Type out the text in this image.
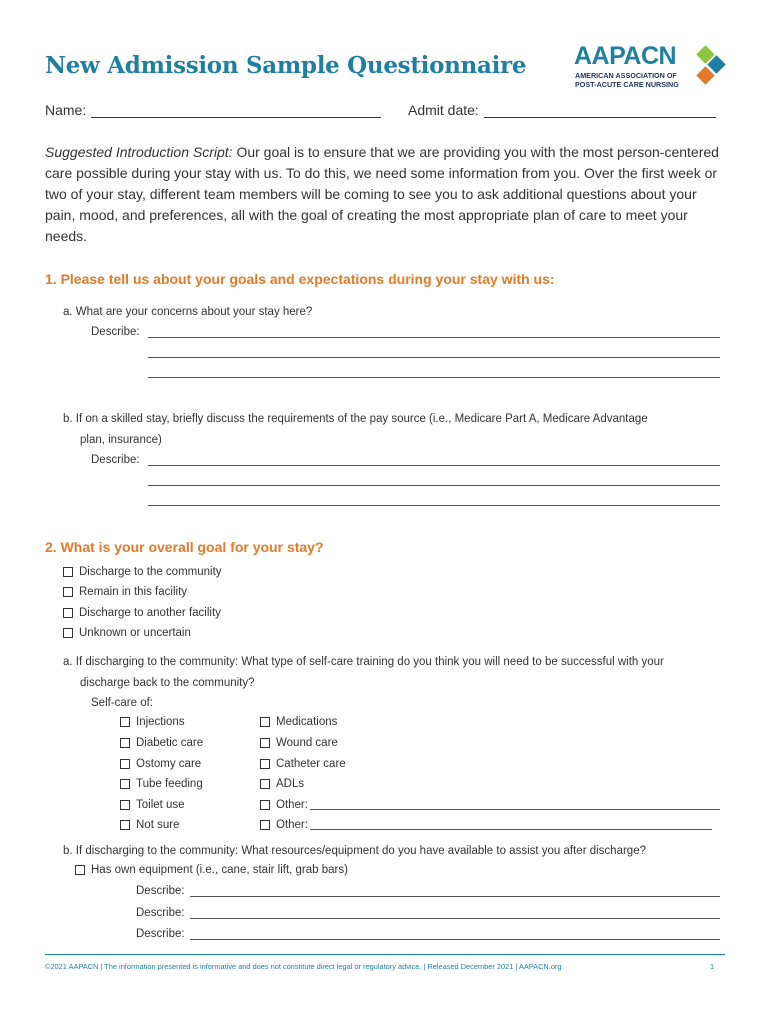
New Admission Sample Questionnaire AAPACN
AMERICAN ASSOCIATION OF
POST-ACUTE CARE NURSING
Name:	Admit date:
Suggested Introduction Script: Our goal is to ensure that we are providing you with the most person-centered care possible during your stay with us. To do this, we need some information from you. Over the first week or two of your stay, different team members will be coming to see you to ask additional questions about your pain, mood, and preferences, all with the goal of creating the most appropriate plan of care to meet your needs.
1. Please tell us about your goals and expectations during your stay with us:
a. What are your concerns about your stay here?
Describe:
b. If on a skilled stay, briefly discuss the requirements of the pay source (i.e., Medicare Part A, Medicare Advantage
plan, insurance)
Describe:
2. What is your overall goal for your stay?
Discharge to the community
Remain in this facility
Discharge to another facility
Unknown or uncertain
a. If discharging to the community: What type of self-care training do you think you will need to be successful with your
discharge back to the community?
Self-care of:
Injections
Diabetic care
Ostomy care
Tube feeding
Toilet use
Not sure
Medications
Wound care
Catheter care
ADLs
Other:
Other:
b. If discharging to the community: What resources/equipment do you have available to assist you after discharge?
Has own equipment (i.e., cane, stair lift, grab bars)
Describe:
Describe:
Describe:
©2021 AAPACN | The information presented is informative and does not constitute direct legal or regulatory advice. | Released December 2021 | AAPACN.org	1
